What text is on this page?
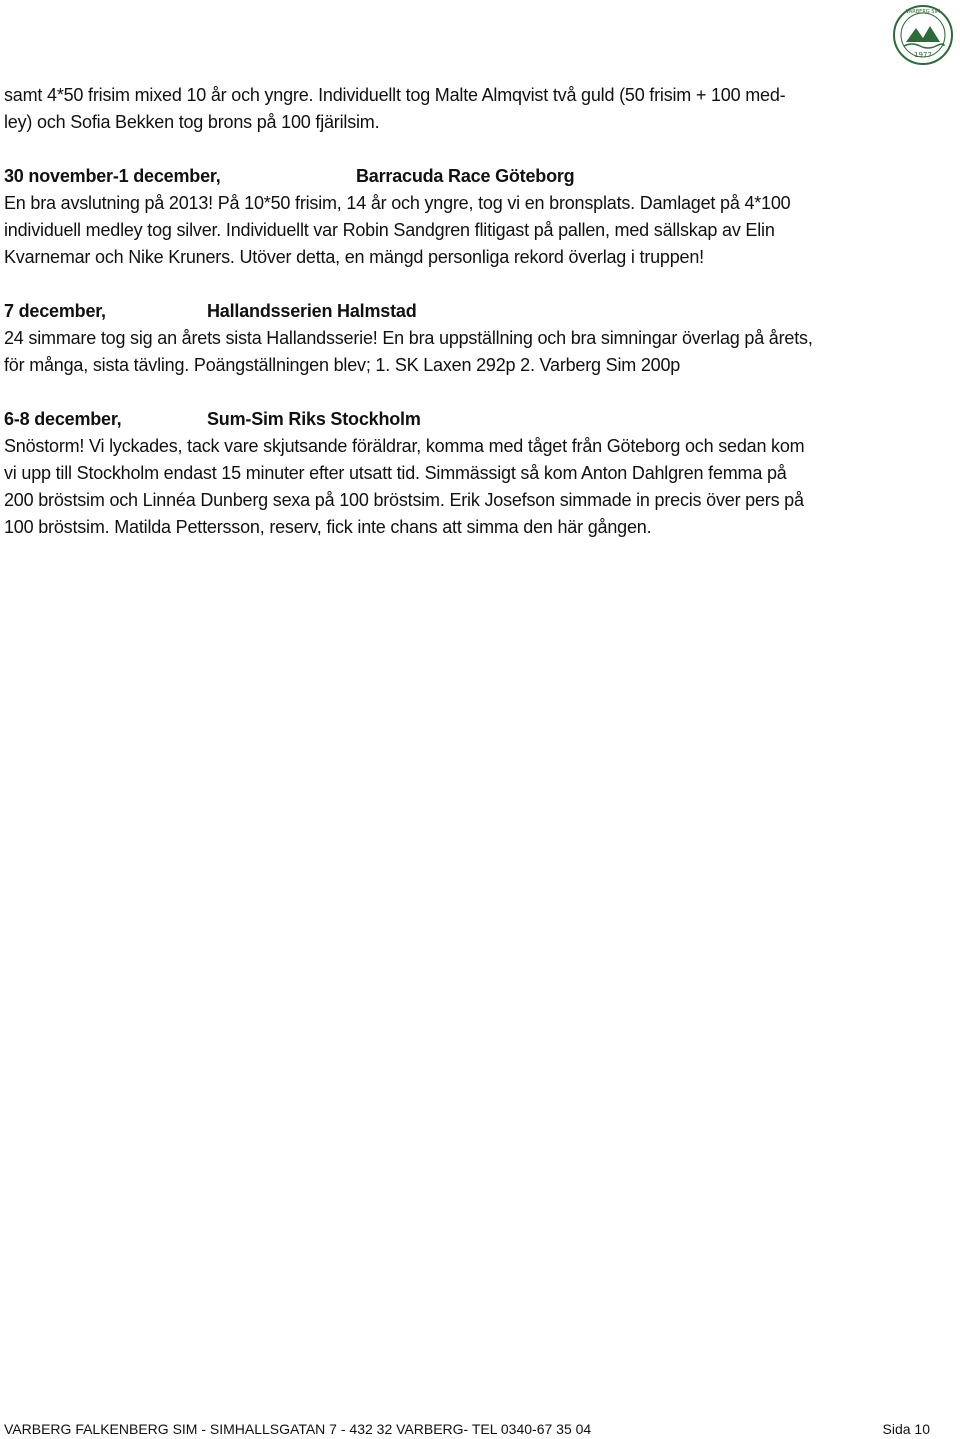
VARBERG SIM
1977
samt 4*50 frisim mixed 10 år och yngre. Individuellt tog Malte Almqvist två guld (50 frisim + 100 med-
ley) och Sofia Bekken tog brons på 100 fjärilsim.
30 november-1 december,	Barracuda Race Göteborg
En bra avslutning på 2013! På 10*50 frisim, 14 år och yngre, tog vi en bronsplats. Damlaget på 4*100
individuell medley tog silver. Individuellt var Robin Sandgren flitigast på pallen, med sällskap av Elin
Kvarnemar och Nike Kruners. Utöver detta, en mängd personliga rekord överlag i truppen!
7 december,	Hallandsserien Halmstad
24 simmare tog sig an årets sista Hallandsserie! En bra uppställning och bra simningar överlag på årets,
för många, sista tävling. Poängställningen blev; 1. SK Laxen 292p 2. Varberg Sim 200p
6-8 december,	Sum-Sim Riks Stockholm
Snöstorm! Vi lyckades, tack vare skjutsande föräldrar, komma med tåget från Göteborg och sedan kom
vi upp till Stockholm endast 15 minuter efter utsatt tid. Simmässigt så kom Anton Dahlgren femma på
200 bröstsim och Linnéa Dunberg sexa på 100 bröstsim. Erik Josefson simmade in precis över pers på
100 bröstsim. Matilda Pettersson, reserv, fick inte chans att simma den här gången.
VARBERG FALKENBERG SIM - SIMHALLSGATAN 7 - 432 32 VARBERG- TEL 0340-67 35 04	Sida 10
